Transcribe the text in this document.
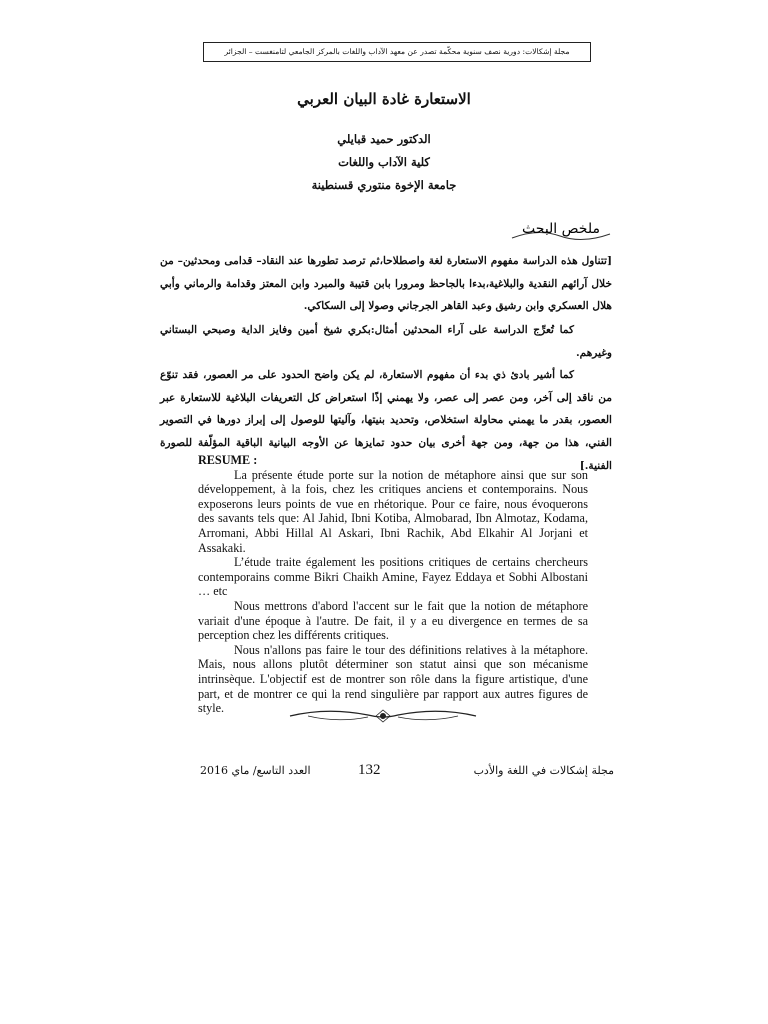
مجلة إشكالات: دورية نصف سنوية محكّمة تصدر عن معهد الآداب واللغات بالمركز الجامعي لتامنغست – الجزائر
الاستعارة غادة البيان العربي
الدكتور حميد قبايلي
كلية الآداب واللغات
جامعة الإخوة منتوري قسنطينة
ملخص البحث

[تتناول هذه الدراسة مفهوم الاستعارة لغة واصطلاحا،ثم ترصد تطورها عند النقاد– قدامى ومحدثين– من خلال آرائهم النقدية والبلاغية،بدءا بالجاحظ ومرورا بابن قتيبة والمبرد وابن المعتز وقدامة والرماني وأبي هلال العسكري وابن رشيق وعبد القاهر الجرجاني وصولا إلى السكاكي.

كما تُعرِّج الدراسة على آراء المحدثين أمثال:بكري شيخ أمين وفايز الداية وصبحي البستاني وغيرهم.

كما أشير بادئ ذي بدء أن مفهوم الاستعارة، لم يكن واضح الحدود على مر العصور، فقد تنوّع من ناقد إلى آخر، ومن عصر إلى عصر، ولا يهمني إذًا استعراض كل التعريفات البلاغية للاستعارة عبر العصور، بقدر ما يهمني محاولة استخلاص، وتحديد بنيتها، وآليتها للوصول إلى إبراز دورها في التصوير الفني، هذا من جهة، ومن جهة أخرى بيان حدود تمايزها عن الأوجه البيانية الباقية المؤلّفة للصورة الفنية.]

RESUME :

La présente étude porte sur la notion de métaphore ainsi que sur son développement, à la fois, chez les critiques anciens et contemporains. Nous exposerons leurs points de vue en rhétorique. Pour ce faire, nous évoquerons des savants tels que: Al Jahid, Ibni Kotiba, Almobarad, Ibn Almotaz, Kodama, Arromani, Abbi Hillal Al Askari, Ibni Rachik, Abd Elkahir Al Jorjani et Assakaki.

L’étude traite également les positions critiques de certains chercheurs contemporains comme Bikri Chaikh Amine, Fayez Eddaya et Sobhi Albostani … etc

Nous mettrons d'abord l'accent sur le fait que la notion de métaphore variait d'une époque à l'autre. De fait, il y a eu divergence en termes de sa perception chez les différents critiques.

Nous n'allons pas faire le tour des définitions relatives à la métaphore. Mais, nous allons plutôt déterminer son statut ainsi que son mécanisme intrinsèque. L'objectif est de montrer son rôle dans la figure artistique, d'une part, et de montrer ce qui la rend singulière par rapport aux autres figures de style.

العدد التاسع/ ماي 2016	132	مجلة إشكالات في اللغة والأدب
